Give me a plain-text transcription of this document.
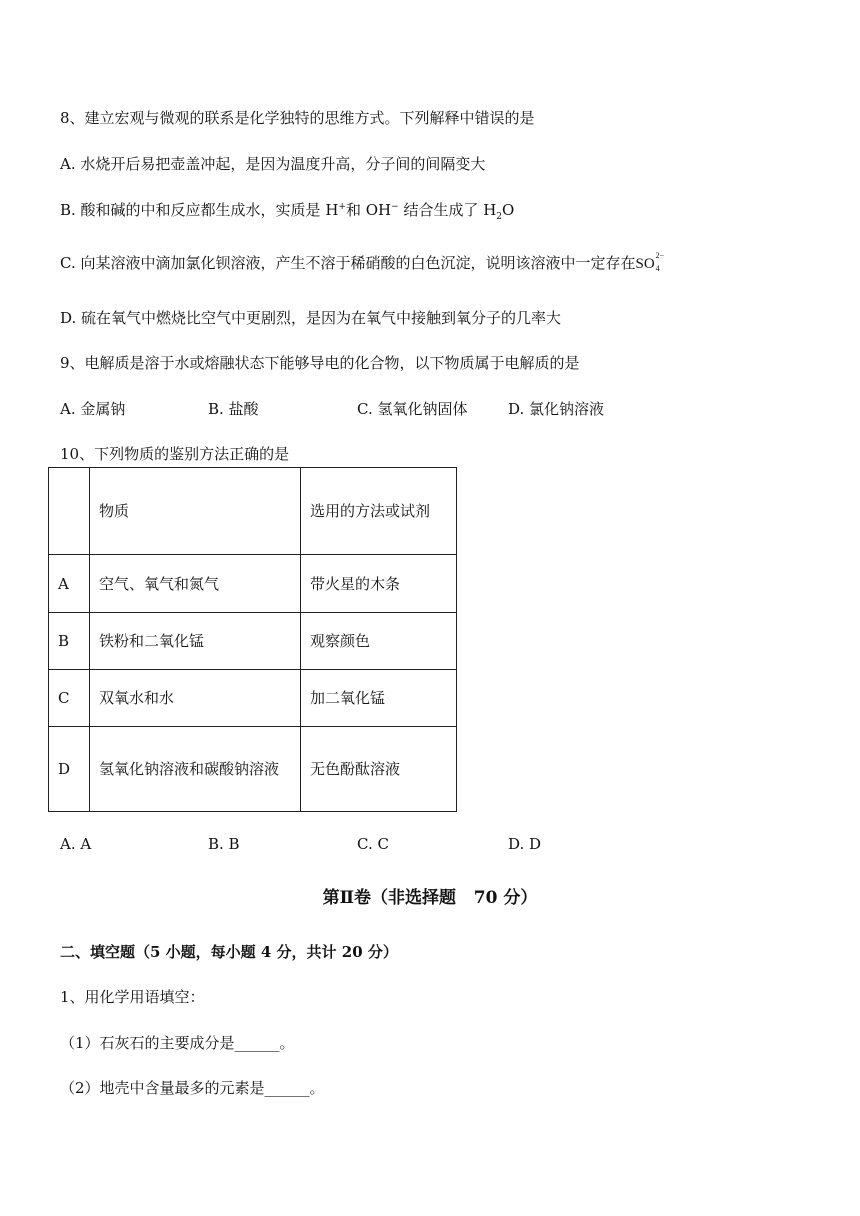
8、建立宏观与微观的联系是化学独特的思维方式。下列解释中错误的是
A. 水烧开后易把壶盖冲起，是因为温度升高，分子间的间隔变大
B. 酸和碱的中和反应都生成水，实质是 H+和 OH− 结合生成了 $H_2O$
C. 向某溶液中滴加氯化钡溶液，产生不溶于稀硝酸的白色沉淀，说明该溶液中一定存在SO
2−
4
D. 硫在氧气中燃烧比空气中更剧烈，是因为在氧气中接触到氧分子的几率大
9、电解质是溶于水或熔融状态下能够导电的化合物，以下物质属于电解质的是
A. 金属钠	B. 盐酸	C. 氢氧化钠固体	D. 氯化钠溶液
10、下列物质的鉴别方法正确的是
	物质	选用的方法或试剂
A	空气、氧气和氮气	带火星的木条
B	铁粉和二氧化锰	观察颜色
C	双氧水和水	加二氧化锰
D	氢氧化钠溶液和碳酸钠溶液	无色酚酞溶液
A. A	B. B	C. C	D. D
第Ⅱ卷（非选择题   70 分）
二、填空题（5 小题，每小题 4 分，共计 20 分）
1、用化学用语填空：
（1）石灰石的主要成分是______。
（2）地壳中含量最多的元素是______。
